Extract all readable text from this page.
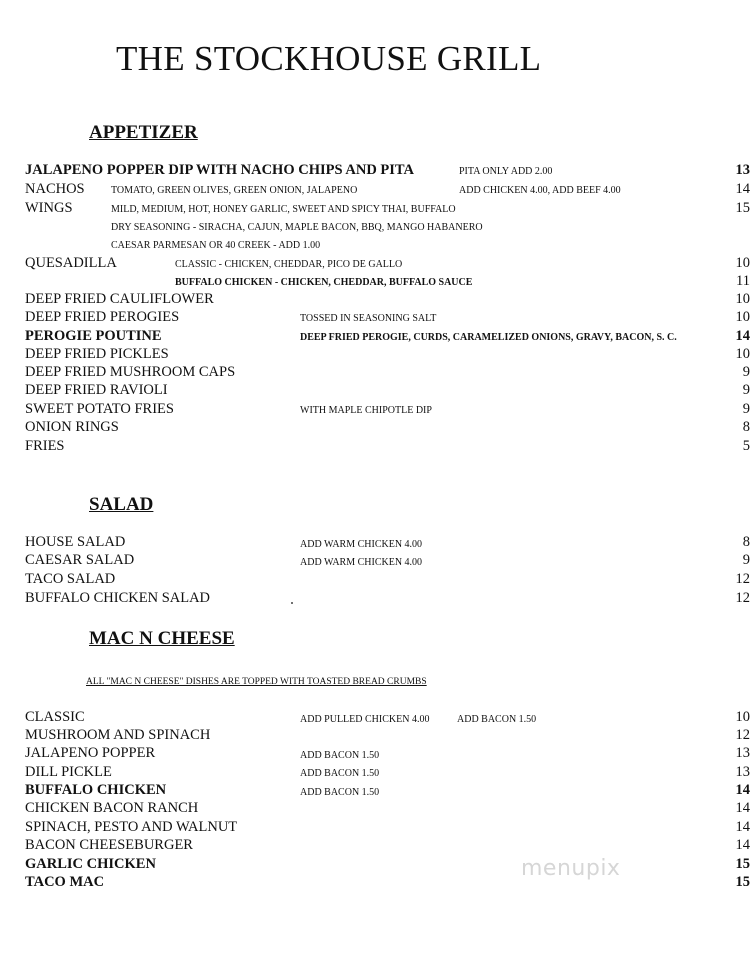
THE STOCKHOUSE GRILL
APPETIZER
JALAPENO POPPER DIP WITH NACHO CHIPS AND PITA	PITA ONLY ADD 2.00	13
NACHOS	TOMATO, GREEN OLIVES, GREEN ONION, JALAPENO	ADD CHICKEN 4.00, ADD BEEF 4.00	14
WINGS	MILD, MEDIUM, HOT, HONEY GARLIC, SWEET AND SPICY THAI, BUFFALO	15
DRY SEASONING - SIRACHA, CAJUN, MAPLE BACON, BBQ, MANGO HABANERO
CAESAR PARMESAN OR 40 CREEK - ADD 1.00
QUESADILLA	CLASSIC - CHICKEN, CHEDDAR, PICO DE GALLO	10
BUFFALO CHICKEN - CHICKEN, CHEDDAR, BUFFALO SAUCE	11
DEEP FRIED CAULIFLOWER	10
DEEP FRIED PEROGIES	TOSSED IN SEASONING SALT	10
PEROGIE POUTINE	DEEP FRIED PEROGIE, CURDS, CARAMELIZED ONIONS, GRAVY, BACON, S. C.	14
DEEP FRIED PICKLES	10
DEEP FRIED MUSHROOM CAPS	9
DEEP FRIED RAVIOLI	9
SWEET POTATO FRIES	WITH MAPLE CHIPOTLE DIP	9
ONION RINGS	8
FRIES	5
SALAD
HOUSE SALAD	ADD WARM CHICKEN 4.00	8
CAESAR SALAD	ADD WARM CHICKEN 4.00	9
TACO SALAD	12
BUFFALO CHICKEN SALAD	12
MAC N CHEESE
ALL "MAC N CHEESE" DISHES ARE TOPPED WITH TOASTED BREAD CRUMBS
CLASSIC	ADD PULLED CHICKEN 4.00	ADD BACON 1.50	10
MUSHROOM AND SPINACH	12
JALAPENO POPPER	ADD BACON 1.50	13
DILL PICKLE	ADD BACON 1.50	13
BUFFALO CHICKEN	ADD BACON 1.50	14
CHICKEN BACON RANCH	14
SPINACH, PESTO AND WALNUT	14
BACON CHEESEBURGER	14
GARLIC CHICKEN	15
TACO MAC	15
menupix
